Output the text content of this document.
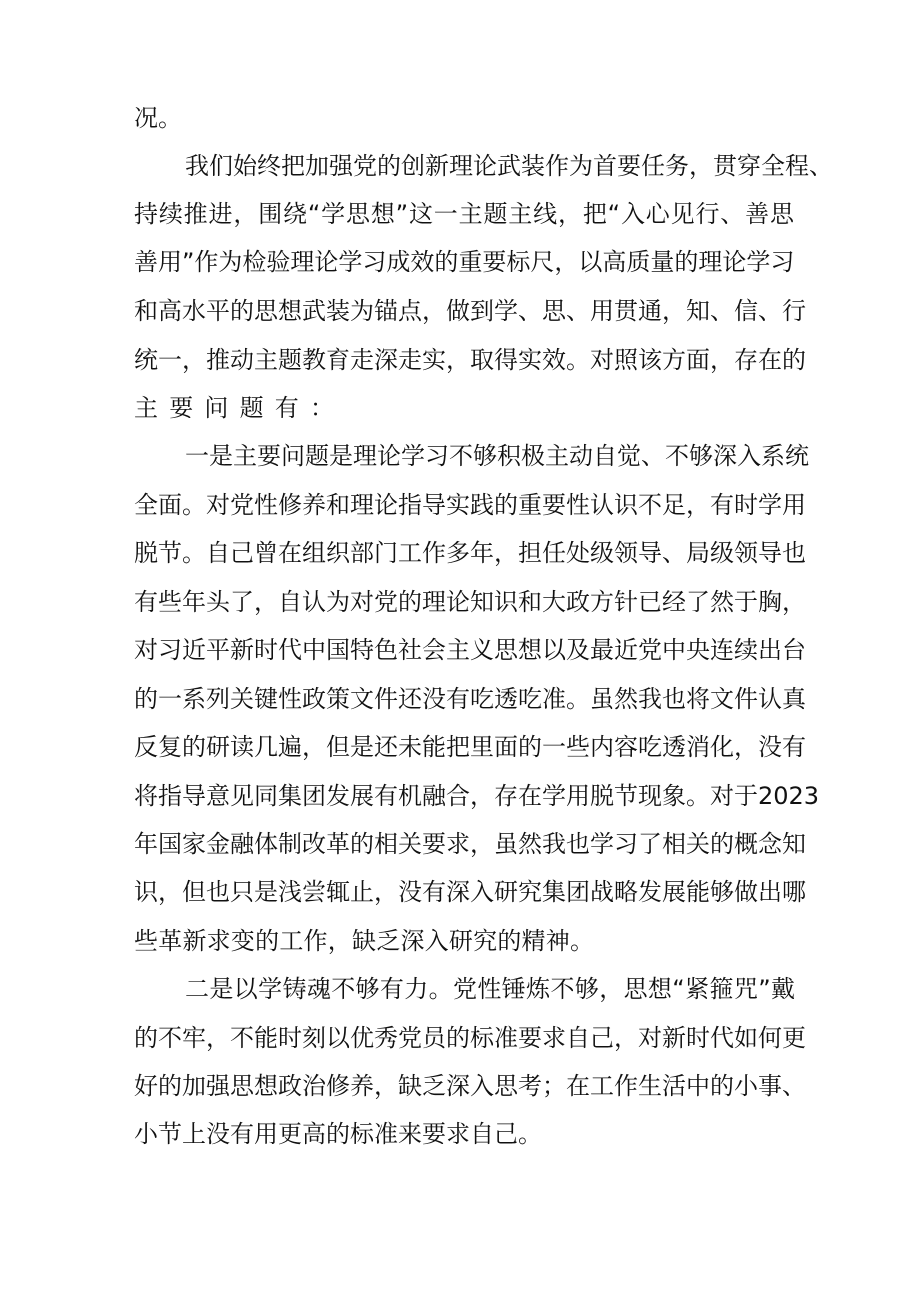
况。

我们始终把加强党的创新理论武装作为首要任务，贯穿全程、

持续推进，围绕“学思想”这一主题主线，把“入心见行、善思

善用”作为检验理论学习成效的重要标尺，以高质量的理论学习

和高水平的思想武装为锚点，做到学、思、用贯通，知、信、行

统一，推动主题教育走深走实，取得实效。对照该方面，存在的

主要问题有：

一是主要问题是理论学习不够积极主动自觉、不够深入系统

全面。对党性修养和理论指导实践的重要性认识不足，有时学用

脱节。自己曾在组织部门工作多年，担任处级领导、局级领导也

有些年头了，自认为对党的理论知识和大政方针已经了然于胸，

对习近平新时代中国特色社会主义思想以及最近党中央连续出台

的一系列关键性政策文件还没有吃透吃准。虽然我也将文件认真

反复的研读几遍，但是还未能把里面的一些内容吃透消化，没有

将指导意见同集团发展有机融合，存在学用脱节现象。对于2023

年国家金融体制改革的相关要求，虽然我也学习了相关的概念知

识，但也只是浅尝辄止，没有深入研究集团战略发展能够做出哪

些革新求变的工作，缺乏深入研究的精神。

二是以学铸魂不够有力。党性锤炼不够，思想“紧箍咒”戴

的不牢，不能时刻以优秀党员的标准要求自己，对新时代如何更

好的加强思想政治修养，缺乏深入思考；在工作生活中的小事、

小节上没有用更高的标准来要求自己。
